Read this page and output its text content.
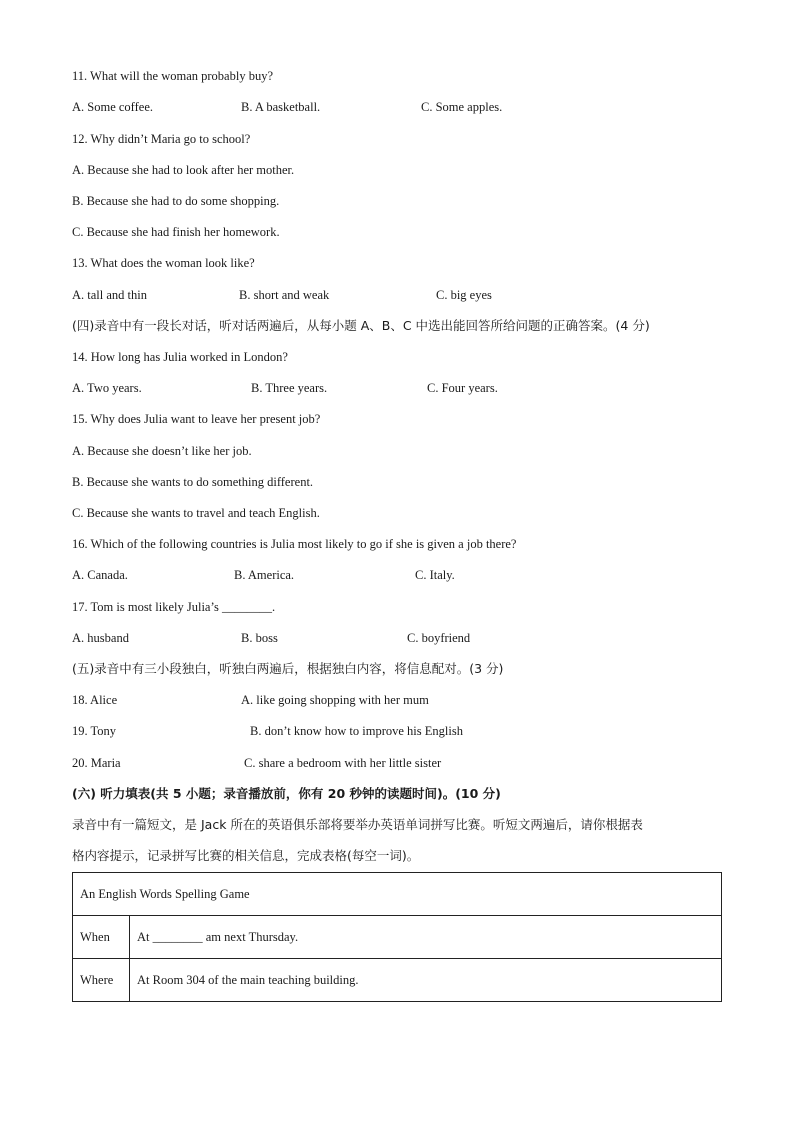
11. What will the woman probably buy?
A. Some coffee.	B. A basketball.	C. Some apples.
12. Why didn’t Maria go to school?
A. Because she had to look after her mother.
B. Because she had to do some shopping.
C. Because she had finish her homework.
13. What does the woman look like?
A. tall and thin	B. short and weak	C. big eyes
(四)录音中有一段长对话，听对话两遍后，从每小题 A、B、C 中选出能回答所给问题的正确答案。(4 分)
14. How long has Julia worked in London?
A. Two years.	B. Three years.	C. Four years.
15. Why does Julia want to leave her present job?
A. Because she doesn’t like her job.
B. Because she wants to do something different.
C. Because she wants to travel and teach English.
16. Which of the following countries is Julia most likely to go if she is given a job there?
A. Canada.	B. America.	C. Italy.
17. Tom is most likely Julia’s ________.
A. husband	B. boss	C. boyfriend
(五)录音中有三小段独白，听独白两遍后，根据独白内容，将信息配对。(3 分)
18. Alice	A. like going shopping with her mum
19. Tony	B. don’t know how to improve his English
20. Maria	C. share a bedroom with her little sister
(六) 听力填表(共 5 小题；录音播放前，你有 20 秒钟的读题时间)。(10 分)
录音中有一篇短文，是 Jack 所在的英语俱乐部将要举办英语单词拼写比赛。听短文两遍后，请你根据表
格内容提示，记录拼写比赛的相关信息，完成表格(每空一词)。
An English Words Spelling Game	
When	At ________ am next Thursday.
Where	At Room 304 of the main teaching building.
